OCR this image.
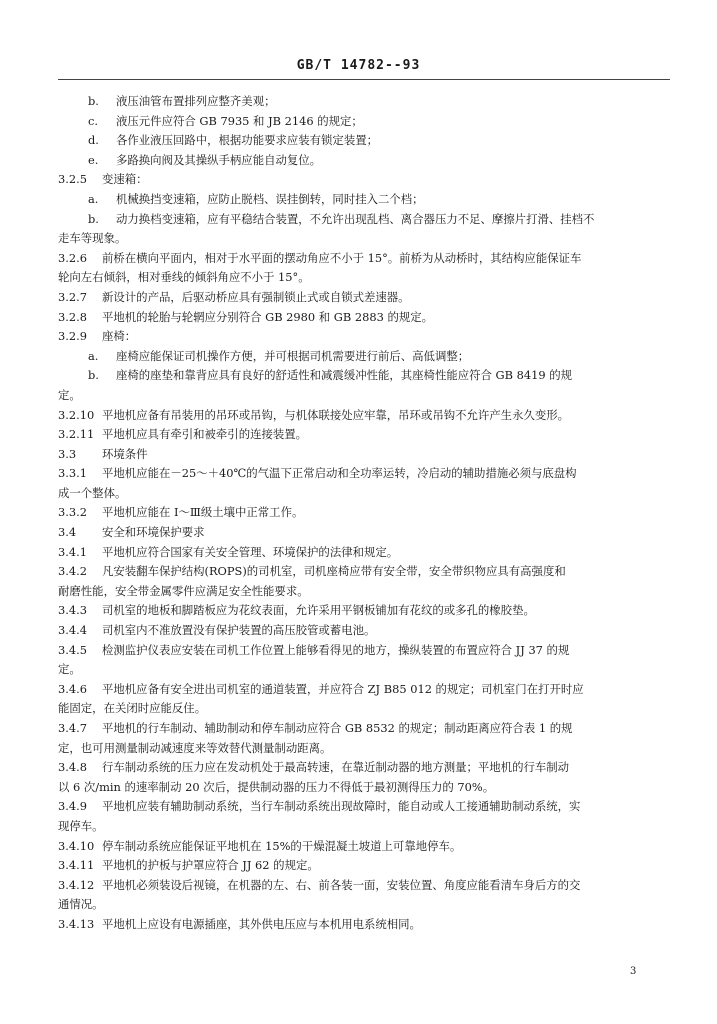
GB/T 14782--93
b. 液压油管布置排列应整齐美观；
c. 液压元件应符合 GB 7935 和 JB 2146 的规定；
d. 各作业液压回路中，根据功能要求应装有锁定装置；
e. 多路换向阀及其操纵手柄应能自动复位。
3.2.5 变速箱：
a. 机械换挡变速箱，应防止脱档、误挂倒转，同时挂入二个档；
b. 动力换档变速箱，应有平稳结合装置，不允许出现乱档、离合器压力不足、摩擦片打滑、挂档不
走车等现象。
3.2.6 前桥在横向平面内，相对于水平面的摆动角应不小于 15°。前桥为从动桥时，其结构应能保证车
轮向左右倾斜，相对垂线的倾斜角应不小于 15°。
3.2.7 新设计的产品，后驱动桥应具有强制锁止式或自锁式差速器。
3.2.8 平地机的轮胎与轮辋应分别符合 GB 2980 和 GB 2883 的规定。
3.2.9 座椅：
a. 座椅应能保证司机操作方便，并可根据司机需要进行前后、高低调整；
b. 座椅的座垫和靠背应具有良好的舒适性和减震缓冲性能，其座椅性能应符合 GB 8419 的规
定。
3.2.10 平地机应备有吊装用的吊环或吊钩，与机体联接处应牢靠，吊环或吊钩不允许产生永久变形。
3.2.11 平地机应具有牵引和被牵引的连接装置。
3.3 环境条件
3.3.1 平地机应能在－25～＋40℃的气温下正常启动和全功率运转，冷启动的辅助措施必须与底盘构
成一个整体。
3.3.2 平地机应能在 Ⅰ～Ⅲ级土壤中正常工作。
3.4 安全和环境保护要求
3.4.1 平地机应符合国家有关安全管理、环境保护的法律和规定。
3.4.2 凡安装翻车保护结构(ROPS)的司机室，司机座椅应带有安全带，安全带织物应具有高强度和
耐磨性能，安全带金属零件应满足安全性能要求。
3.4.3 司机室的地板和脚踏板应为花纹表面，允许采用平钢板铺加有花纹的或多孔的橡胶垫。
3.4.4 司机室内不准放置没有保护装置的高压胶管或蓄电池。
3.4.5 检测监护仪表应安装在司机工作位置上能够看得见的地方，操纵装置的布置应符合 JJ 37 的规
定。
3.4.6 平地机应备有安全进出司机室的通道装置，并应符合 ZJ B85 012 的规定；司机室门在打开时应
能固定，在关闭时应能反住。
3.4.7 平地机的行车制动、辅助制动和停车制动应符合 GB 8532 的规定；制动距离应符合表 1 的规
定，也可用测量制动减速度来等效替代测量制动距离。
3.4.8 行车制动系统的压力应在发动机处于最高转速，在靠近制动器的地方测量；平地机的行车制动
以 6 次/min 的速率制动 20 次后，提供制动器的压力不得低于最初测得压力的 70%。
3.4.9 平地机应装有辅助制动系统，当行车制动系统出现故障时，能自动或人工接通辅助制动系统，实
现停车。
3.4.10 停车制动系统应能保证平地机在 15%的干燥混凝土坡道上可靠地停车。
3.4.11 平地机的护板与护罩应符合 JJ 62 的规定。
3.4.12 平地机必须装设后视镜，在机器的左、右、前各装一面，安装位置、角度应能看清车身后方的交
通情况。
3.4.13 平地机上应设有电源插座，其外供电压应与本机用电系统相同。
3
